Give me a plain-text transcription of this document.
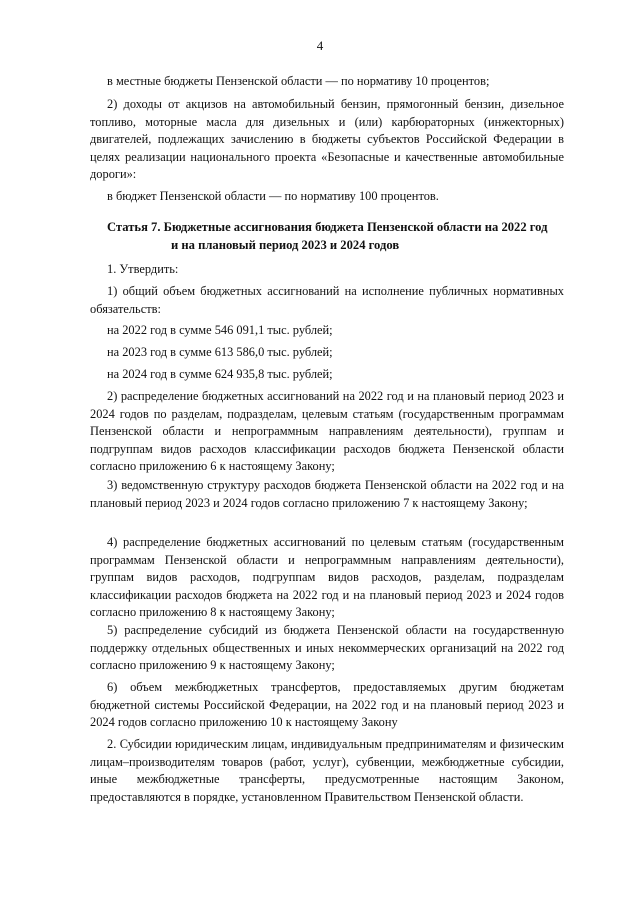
4
в местные бюджеты Пензенской области — по нормативу 10 процентов;
2) доходы от акцизов на автомобильный бензин, прямогонный бензин, дизельное топливо, моторные масла для дизельных и (или) карбюраторных (инжекторных) двигателей, подлежащих зачислению в бюджеты субъектов Российской Федерации в целях реализации национального проекта «Безопасные и качественные автомобильные дороги»:
в бюджет Пензенской области — по нормативу 100 процентов.
Статья 7. Бюджетные ассигнования бюджета Пензенской области на 2022 год
и на плановый период 2023 и 2024 годов
1. Утвердить:
1) общий объем бюджетных ассигнований на исполнение публичных нормативных обязательств:
на 2022 год в сумме 546 091,1 тыс. рублей;
на 2023 год в сумме 613 586,0 тыс. рублей;
на 2024 год в сумме 624 935,8 тыс. рублей;
2) распределение бюджетных ассигнований на 2022 год и на плановый период 2023 и 2024 годов по разделам, подразделам, целевым статьям (государственным программам Пензенской области и непрограммным направлениям деятельности), группам и подгруппам видов расходов классификации расходов бюджета Пензенской области согласно приложению 6 к настоящему Закону;
3) ведомственную структуру расходов бюджета Пензенской области на 2022 год и на плановый период 2023 и 2024 годов согласно приложению 7 к настоящему Закону;
4) распределение бюджетных ассигнований по целевым статьям (государственным программам Пензенской области и непрограммным направлениям деятельности), группам видов расходов, подгруппам видов расходов, разделам, подразделам классификации расходов бюджета на 2022 год и на плановый период 2023 и 2024 годов согласно приложению 8 к настоящему Закону;
5) распределение субсидий из бюджета Пензенской области на государственную поддержку отдельных общественных и иных некоммерческих организаций на 2022 год согласно приложению 9 к настоящему Закону;
6) объем межбюджетных трансфертов, предоставляемых другим бюджетам бюджетной системы Российской Федерации, на 2022 год и на плановый период 2023 и 2024 годов согласно приложению 10 к настоящему Закону
2. Субсидии юридическим лицам, индивидуальным предпринимателям и физическим лицам–производителям товаров (работ, услуг), субвенции, межбюджетные субсидии, иные межбюджетные трансферты, предусмотренные настоящим Законом, предоставляются в порядке, установленном Правительством Пензенской области.
